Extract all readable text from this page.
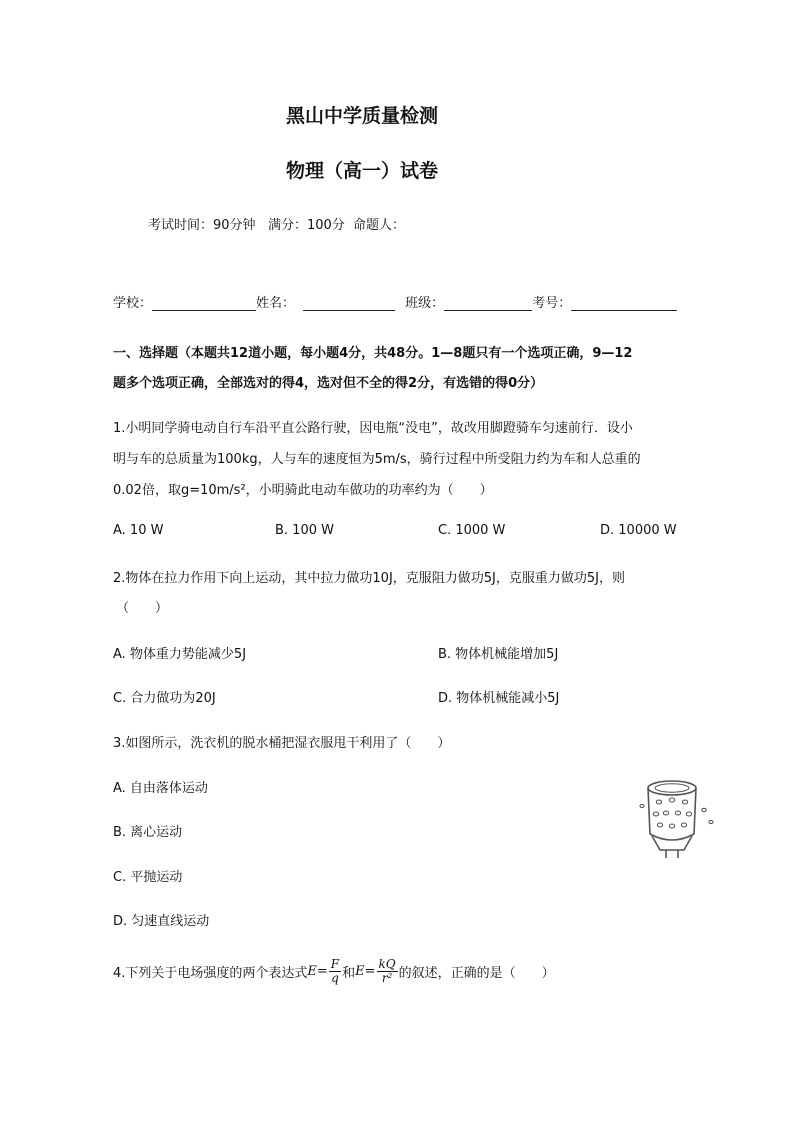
黑山中学质量检测
物理（高一）试卷
考试时间：90分钟   满分：100分  命题人：
学校：	姓名：	班级：	考号：
一、选择题（本题共12道小题，每小题4分，共48分。1—8题只有一个选项正确，9—12
题多个选项正确，全部选对的得4，选对但不全的得2分，有选错的得0分）
1.小明同学骑电动自行车沿平直公路行驶，因电瓶“没电”，故改用脚蹬骑车匀速前行．设小
明与车的总质量为100kg，人与车的速度恒为5m/s，骑行过程中所受阻力约为车和人总重的
0.02倍，取g=10m/s²，小明骑此电动车做功的功率约为（　　）
A. 10 W	B. 100 W	C. 1000 W	D. 10000 W
2.物体在拉力作用下向上运动，其中拉力做功10J，克服阻力做功5J，克服重力做功5J，则
（　　）
A. 物体重力势能减少5J	B. 物体机械能增加5J
C. 合力做功为20J	D. 物体机械能减小5J
3.如图所示，洗衣机的脱水桶把湿衣服甩干利用了（　　）
A. 自由落体运动
B. 离心运动
C. 平抛运动
D. 匀速直线运动
4.下列关于电场强度的两个表达式 $E= \frac{F}{q}$ 和 $E= \frac{kQ}{\text{r²}}$ 的叙述，正确的是（　　）
